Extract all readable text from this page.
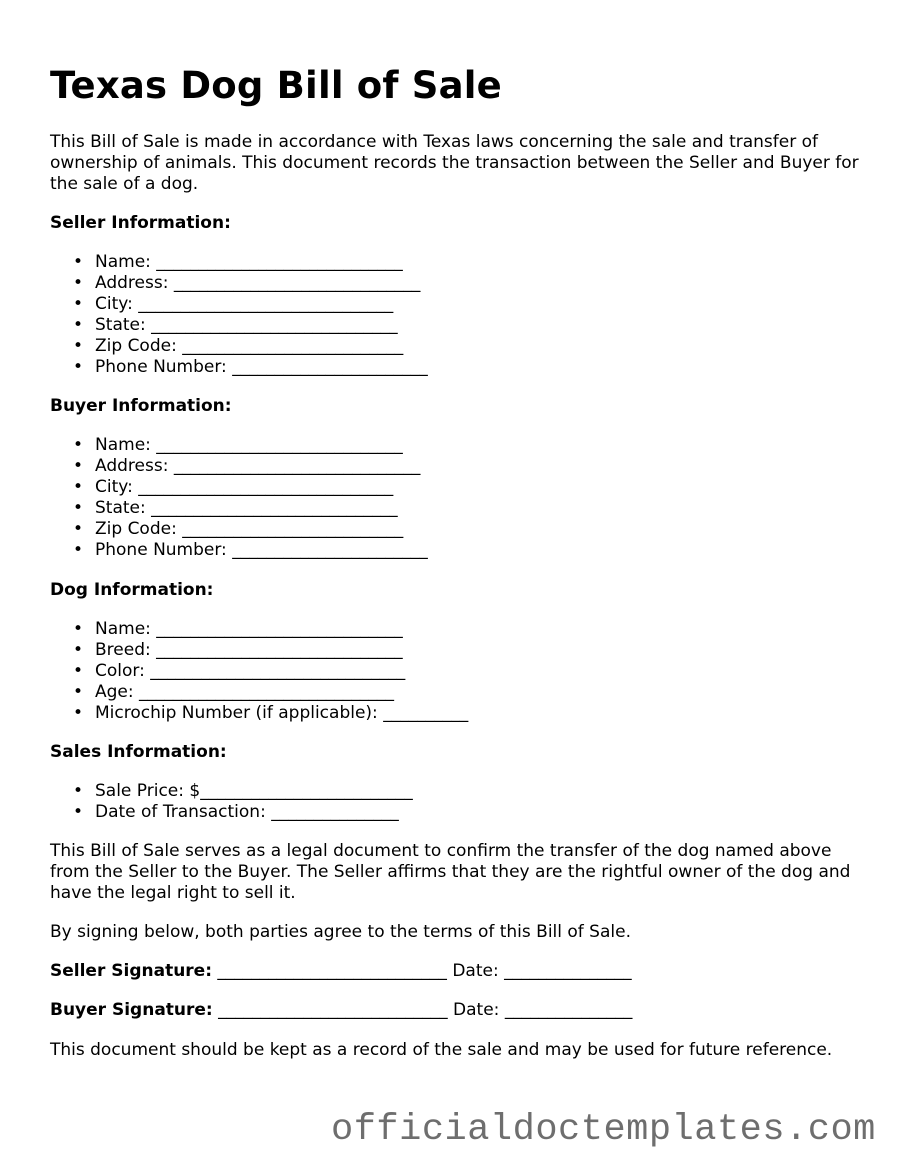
Texas Dog Bill of Sale

This Bill of Sale is made in accordance with Texas laws concerning the sale and transfer of ownership of animals. This document records the transaction between the Seller and Buyer for the sale of a dog.

Seller Information:
• Name: _____________________________
• Address: _____________________________
• City: ______________________________
• State: _____________________________
• Zip Code: __________________________
• Phone Number: _______________________
Buyer Information:
• Name: _____________________________
• Address: _____________________________
• City: ______________________________
• State: _____________________________
• Zip Code: __________________________
• Phone Number: _______________________
Dog Information:
• Name: _____________________________
• Breed: _____________________________
• Color: ______________________________
• Age: ______________________________
• Microchip Number (if applicable): __________
Sales Information:
• Sale Price: $_________________________
• Date of Transaction: _______________

This Bill of Sale serves as a legal document to confirm the transfer of the dog named above from the Seller to the Buyer. The Seller affirms that they are the rightful owner of the dog and have the legal right to sell it.

By signing below, both parties agree to the terms of this Bill of Sale.

Seller Signature: ___________________________ Date: _______________
Buyer Signature: ___________________________ Date: _______________

This document should be kept as a record of the sale and may be used for future reference.

officialdoctemplates.com
